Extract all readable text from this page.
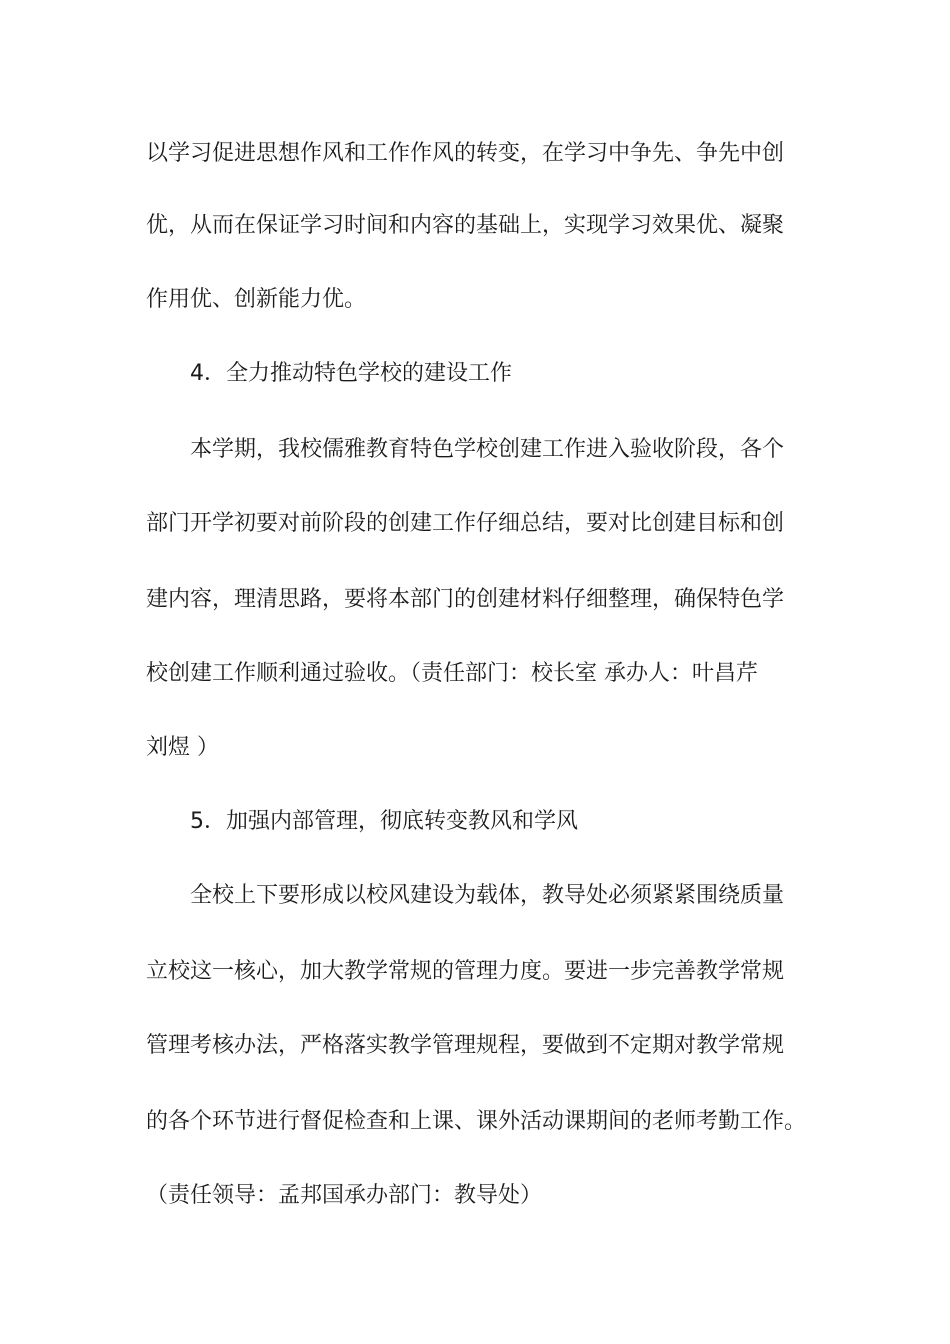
以学习促进思想作风和工作作风的转变，在学习中争先、争先中创
优，从而在保证学习时间和内容的基础上，实现学习效果优、凝聚
作用优、创新能力优。
4．全力推动特色学校的建设工作
本学期，我校儒雅教育特色学校创建工作进入验收阶段，各个
部门开学初要对前阶段的创建工作仔细总结，要对比创建目标和创
建内容，理清思路，要将本部门的创建材料仔细整理，确保特色学
校创建工作顺利通过验收。（责任部门：校长室 承办人：叶昌芹
刘煜 ）
5．加强内部管理，彻底转变教风和学风
全校上下要形成以校风建设为载体，教导处必须紧紧围绕质量
立校这一核心，加大教学常规的管理力度。要进一步完善教学常规
管理考核办法，严格落实教学管理规程，要做到不定期对教学常规
的各个环节进行督促检查和上课、课外活动课期间的老师考勤工作。
（责任领导：孟邦国承办部门：教导处）
